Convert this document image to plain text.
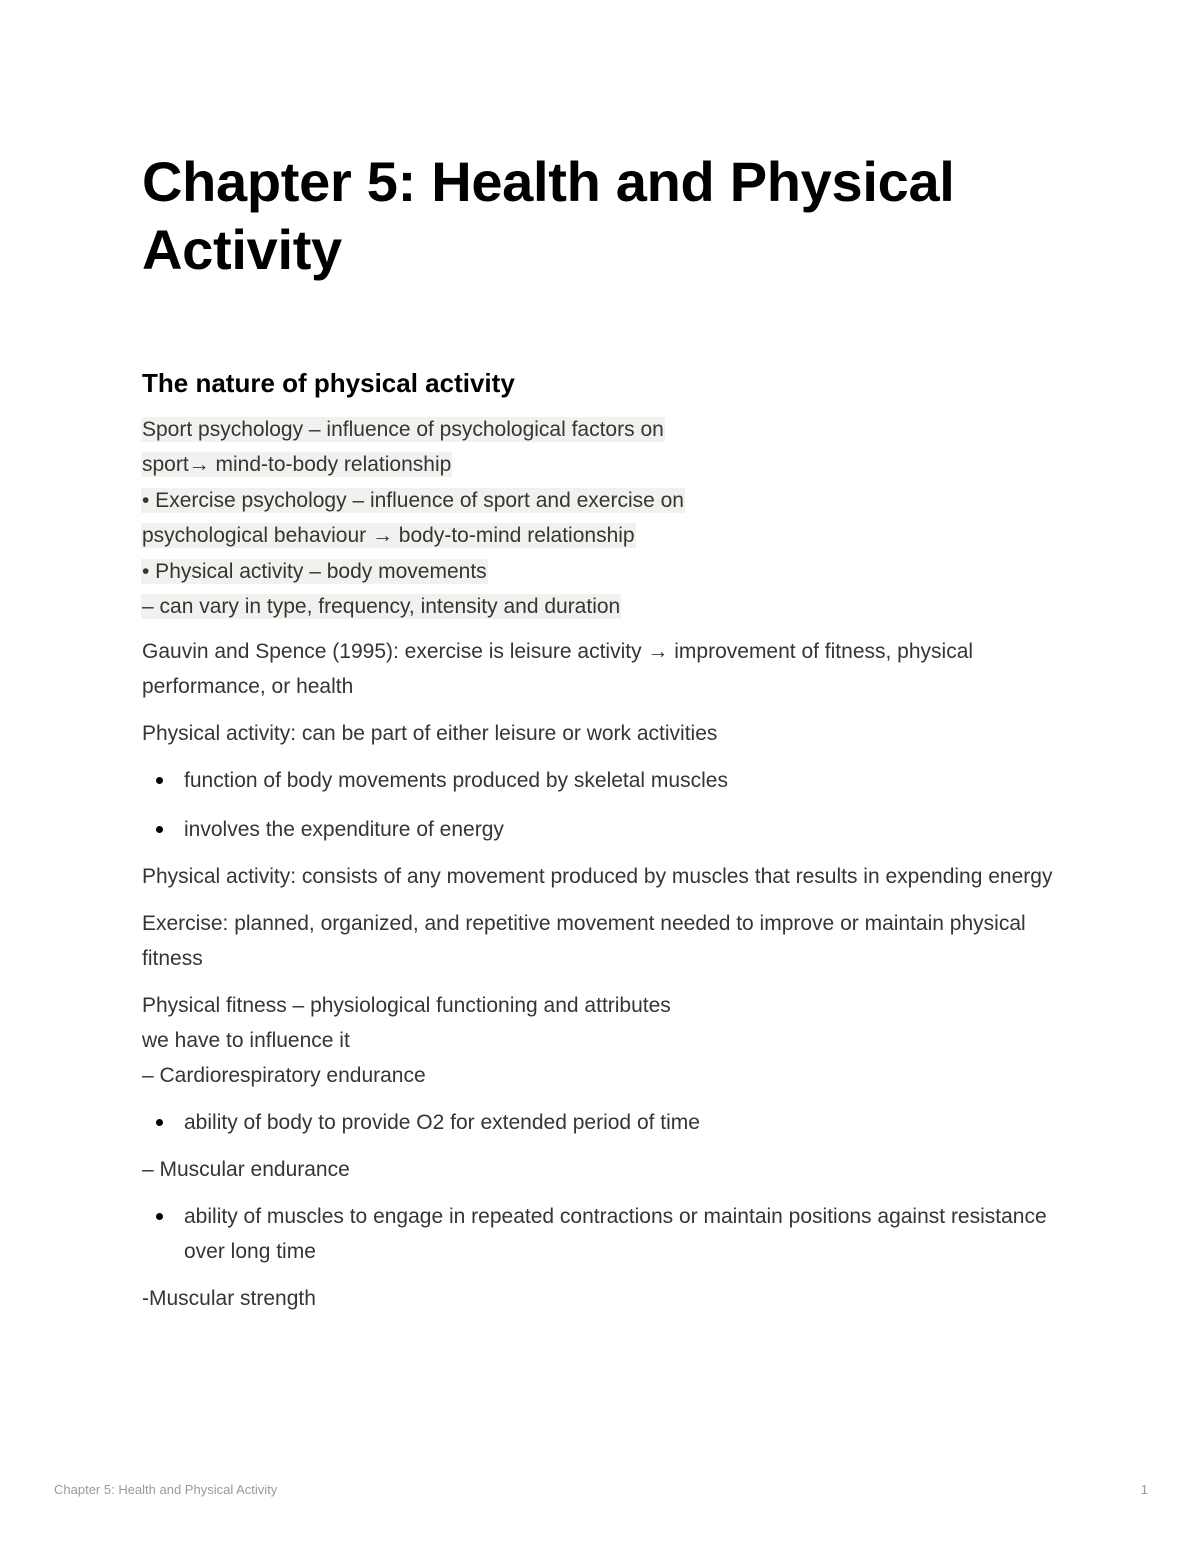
Chapter 5: Health and Physical
Activity
The nature of physical activity
Sport psychology – influence of psychological factors on
sport→ mind-to-body relationship
• Exercise psychology – influence of sport and exercise on
psychological behaviour → body-to-mind relationship
• Physical activity – body movements
– can vary in type, frequency, intensity and duration

Gauvin and Spence (1995): exercise is leisure activity → improvement of fitness, physical performance, or health

Physical activity: can be part of either leisure or work activities

function of body movements produced by skeletal muscles
involves the expenditure of energy

Physical activity: consists of any movement produced by muscles that results in expending energy

Exercise: planned, organized, and repetitive movement needed to improve or maintain physical fitness

Physical fitness – physiological functioning and attributes
we have to influence it
– Cardiorespiratory endurance

ability of body to provide O2 for extended period of time

– Muscular endurance

ability of muscles to engage in repeated contractions or maintain positions against resistance over long time

-Muscular strength

Chapter 5: Health and Physical Activity	1
